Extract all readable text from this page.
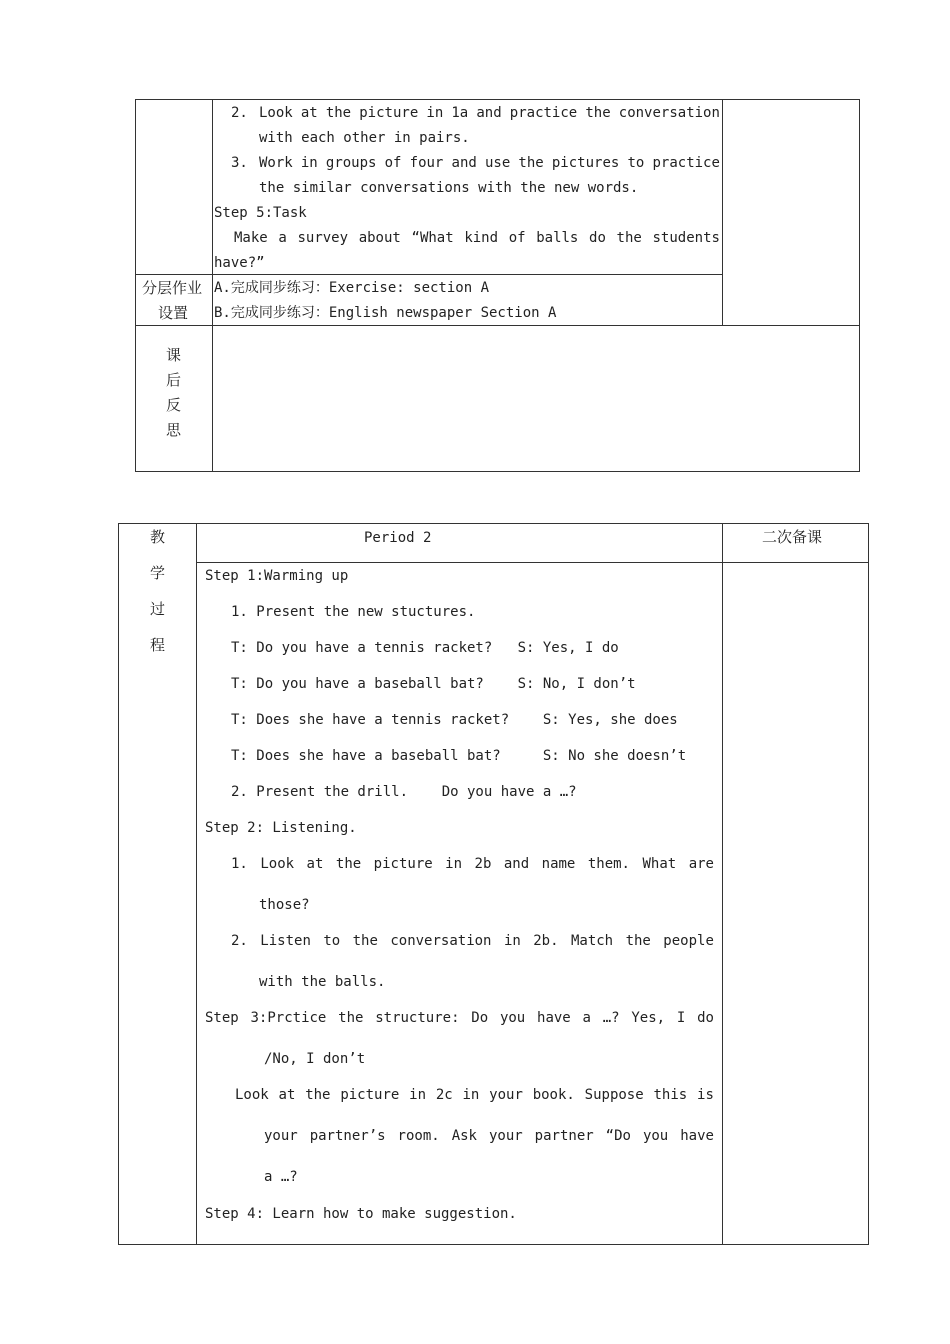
2. Look at the picture in 1a and practice the conversation
with each other in pairs.
3. Work in groups of four and use the pictures to practice
the similar conversations with the new words.
Step 5:Task
Make a survey about “What kind of balls do the students
have?”
分层作业
设置
A.完成同步练习：Exercise: section A
B.完成同步练习：English newspaper Section A
课
后
反
思
教
学
过
程
Period 2	二次备课
Step 1:Warming up
1. Present the new stuctures.
T: Do you have a tennis racket?   S: Yes, I do
T: Do you have a baseball bat?    S: No, I don’t
T: Does she have a tennis racket?    S: Yes, she does
T: Does she have a baseball bat?     S: No she doesn’t
2. Present the drill.    Do you have a …?
Step 2: Listening.
1. Look at the picture in 2b and name them. What are
those?
2. Listen to the conversation in 2b. Match the people
with the balls.
Step 3:Prctice the structure: Do you have a …? Yes, I do
/No, I don’t
Look at the picture in 2c in your book. Suppose this is
your partner’s room. Ask your partner “Do you have
a …?
Step 4: Learn how to make suggestion.
